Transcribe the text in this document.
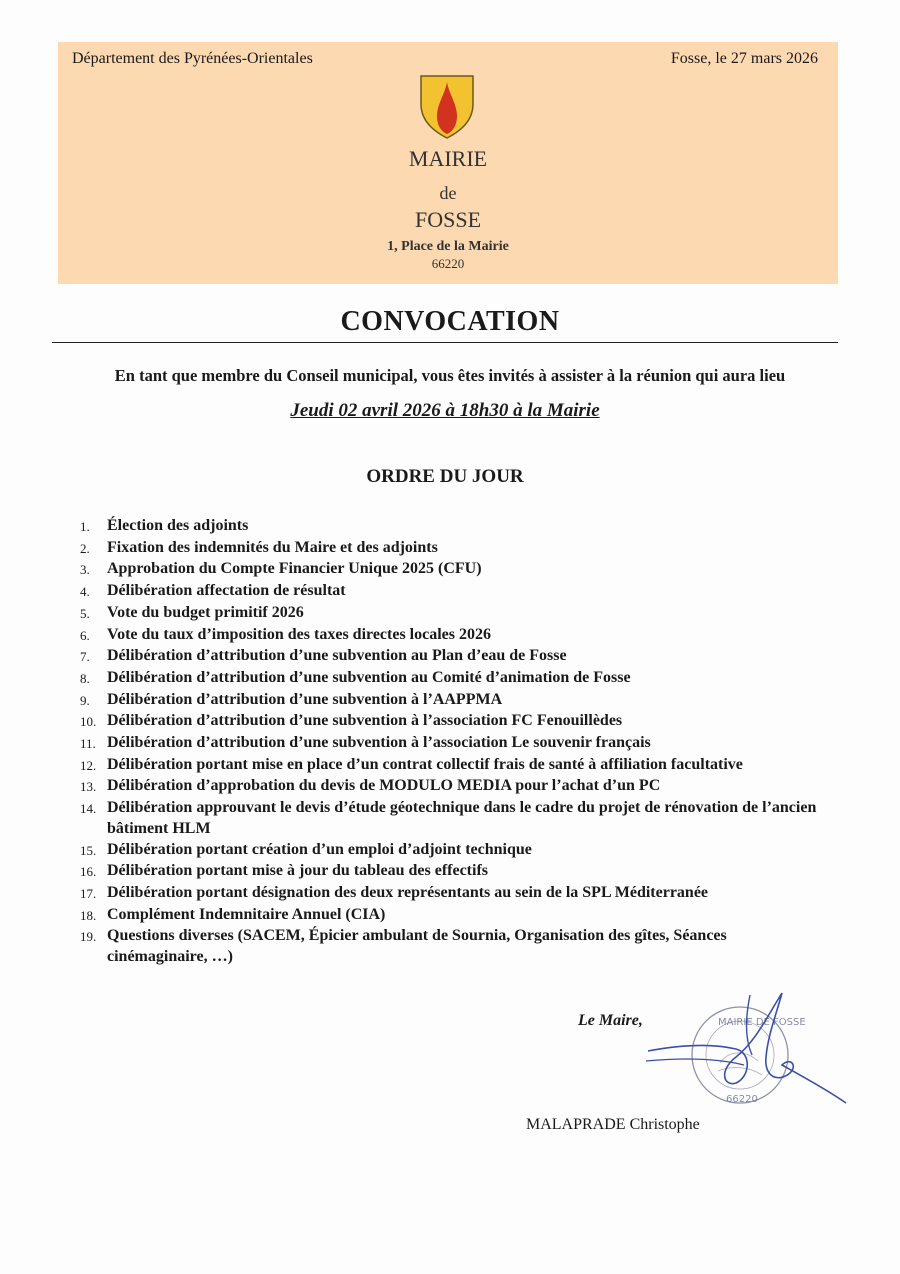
Département des Pyrénées-Orientales	Fosse, le 27 mars 2026
MAIRIE
de
FOSSE
1, Place de la Mairie
66220
CONVOCATION
En tant que membre du Conseil municipal, vous êtes invités à assister à la réunion qui aura lieu
Jeudi 02 avril 2026 à 18h30 à la Mairie
ORDRE DU JOUR
1.	Élection des adjoints
2.	Fixation des indemnités du Maire et des adjoints
3.	Approbation du Compte Financier Unique 2025 (CFU)
4.	Délibération affectation de résultat
5.	Vote du budget primitif 2026
6.	Vote du taux d’imposition des taxes directes locales 2026
7.	Délibération d’attribution d’une subvention au Plan d’eau de Fosse
8.	Délibération d’attribution d’une subvention au Comité d’animation de Fosse
9.	Délibération d’attribution d’une subvention à l’AAPPMA
10. Délibération d’attribution d’une subvention à l’association FC Fenouillèdes
11. Délibération d’attribution d’une subvention à l’association Le souvenir français
12. Délibération portant mise en place d’un contrat collectif frais de santé à affiliation facultative
13. Délibération d’approbation du devis de MODULO MEDIA pour l’achat d’un PC
14. Délibération approuvant le devis d’étude géotechnique dans le cadre du projet de rénovation de l’ancien bâtiment HLM
15. Délibération portant création d’un emploi d’adjoint technique
16. Délibération portant mise à jour du tableau des effectifs
17. Délibération portant désignation des deux représentants au sein de la SPL Méditerranée
18. Complément Indemnitaire Annuel (CIA)
19. Questions diverses (SACEM, Épicier ambulant de Sournia, Organisation des gîtes, Séances cinémaginaire, …)
Le Maire,	MAIRIE DE FOSSE
66220
MALAPRADE Christophe
